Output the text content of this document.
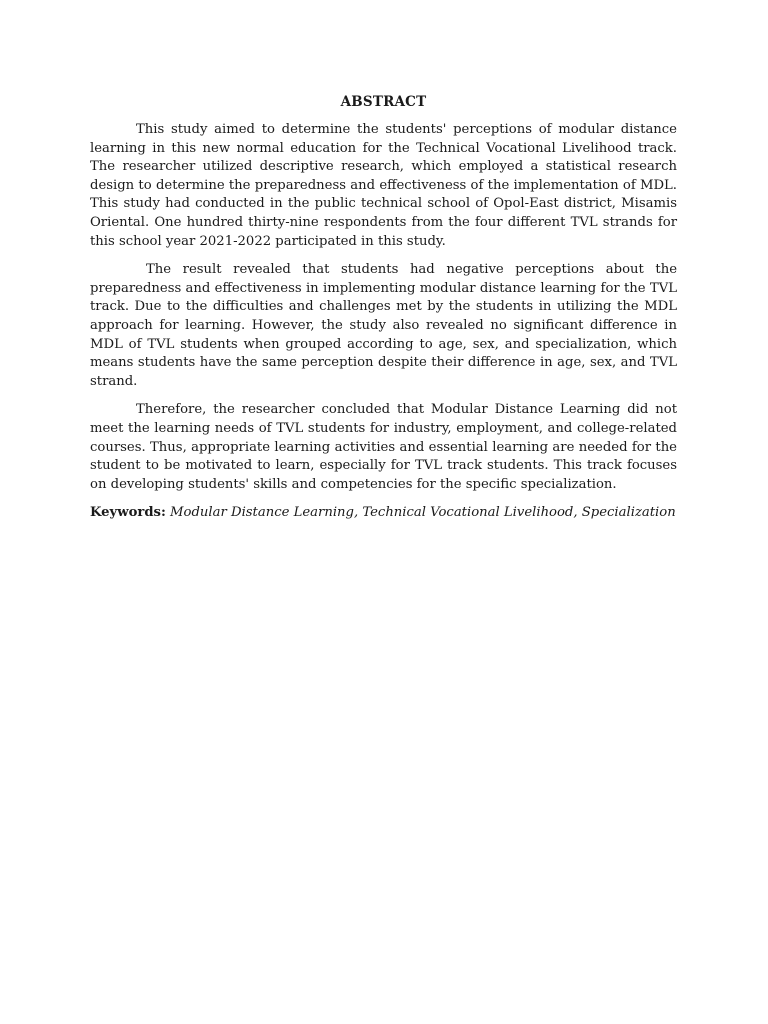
ABSTRACT

This study aimed to determine the students' perceptions of modular distance learning in this new normal education for the Technical Vocational Livelihood track. The researcher utilized descriptive research, which employed a statistical research design to determine the preparedness and effectiveness of the implementation of MDL. This study had conducted in the public technical school of Opol-East district, Misamis Oriental. One hundred thirty-nine respondents from the four different TVL strands for this school year 2021-2022 participated in this study.

The result revealed that students had negative perceptions about the preparedness and effectiveness in implementing modular distance learning for the TVL track. Due to the difficulties and challenges met by the students in utilizing the MDL approach for learning. However, the study also revealed no significant difference in MDL of TVL students when grouped according to age, sex, and specialization, which means students have the same perception despite their difference in age, sex, and TVL strand.

Therefore, the researcher concluded that Modular Distance Learning did not meet the learning needs of TVL students for industry, employment, and college-related courses. Thus, appropriate learning activities and essential learning are needed for the student to be motivated to learn, especially for TVL track students. This track focuses on developing students' skills and competencies for the specific specialization.

Keywords: Modular Distance Learning, Technical Vocational Livelihood, Specialization
